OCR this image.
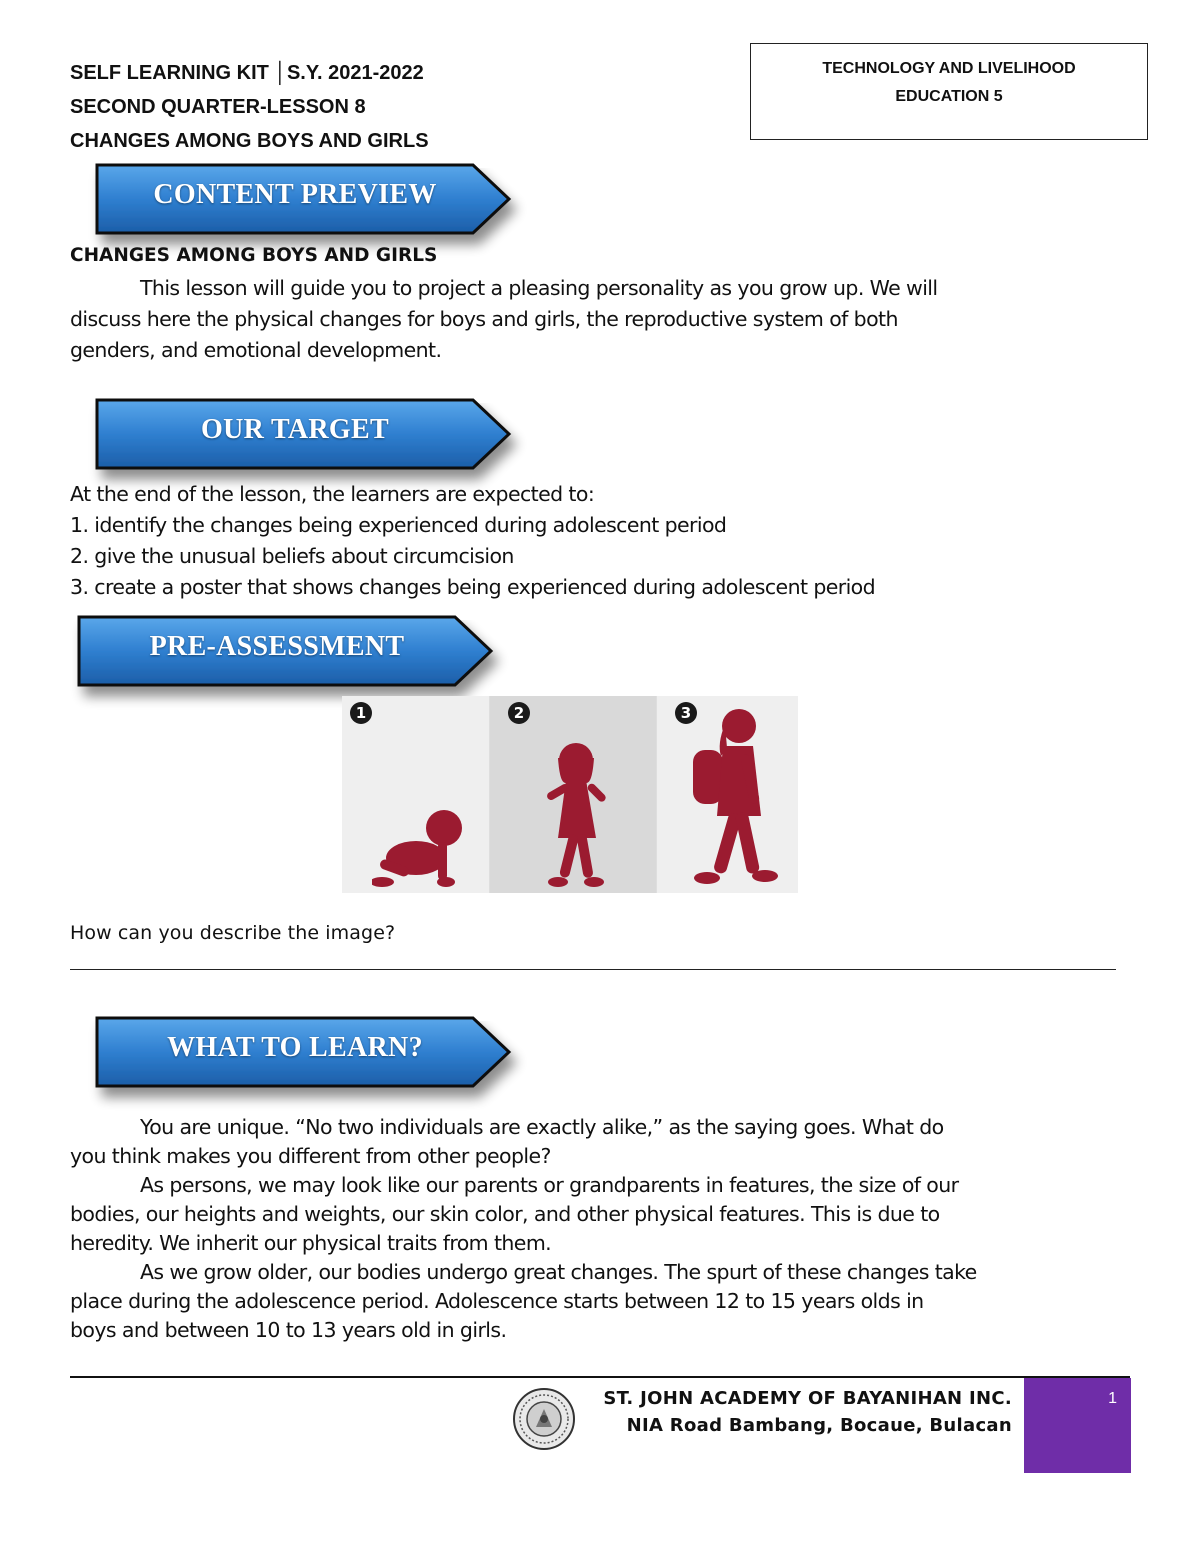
SELF LEARNING KIT │S.Y. 2021-2022
SECOND QUARTER-LESSON 8
CHANGES AMONG BOYS AND GIRLS
TECHNOLOGY AND LIVELIHOOD
EDUCATION 5
CONTENT PREVIEW
CHANGES AMONG BOYS AND GIRLS
This lesson will guide you to project a pleasing personality as you grow up. We will
discuss here the physical changes for boys and girls, the reproductive system of both
genders, and emotional development.
OUR TARGET
At the end of the lesson, the learners are expected to:
1. identify the changes being experienced during adolescent period
2. give the unusual beliefs about circumcision
3. create a poster that shows changes being experienced during adolescent period
PRE-ASSESSMENT
1	2	3
How can you describe the image?
WHAT TO LEARN?
You are unique. “No two individuals are exactly alike,” as the saying goes. What do
you think makes you different from other people?
As persons, we may look like our parents or grandparents in features, the size of our
bodies, our heights and weights, our skin color, and other physical features. This is due to
heredity. We inherit our physical traits from them.
As we grow older, our bodies undergo great changes. The spurt of these changes take
place during the adolescence period. Adolescence starts between 12 to 15 years olds in
boys and between 10 to 13 years old in girls.
ST. JOHN ACADEMY OF BAYANIHAN INC.
NIA Road Bambang, Bocaue, Bulacan
1
